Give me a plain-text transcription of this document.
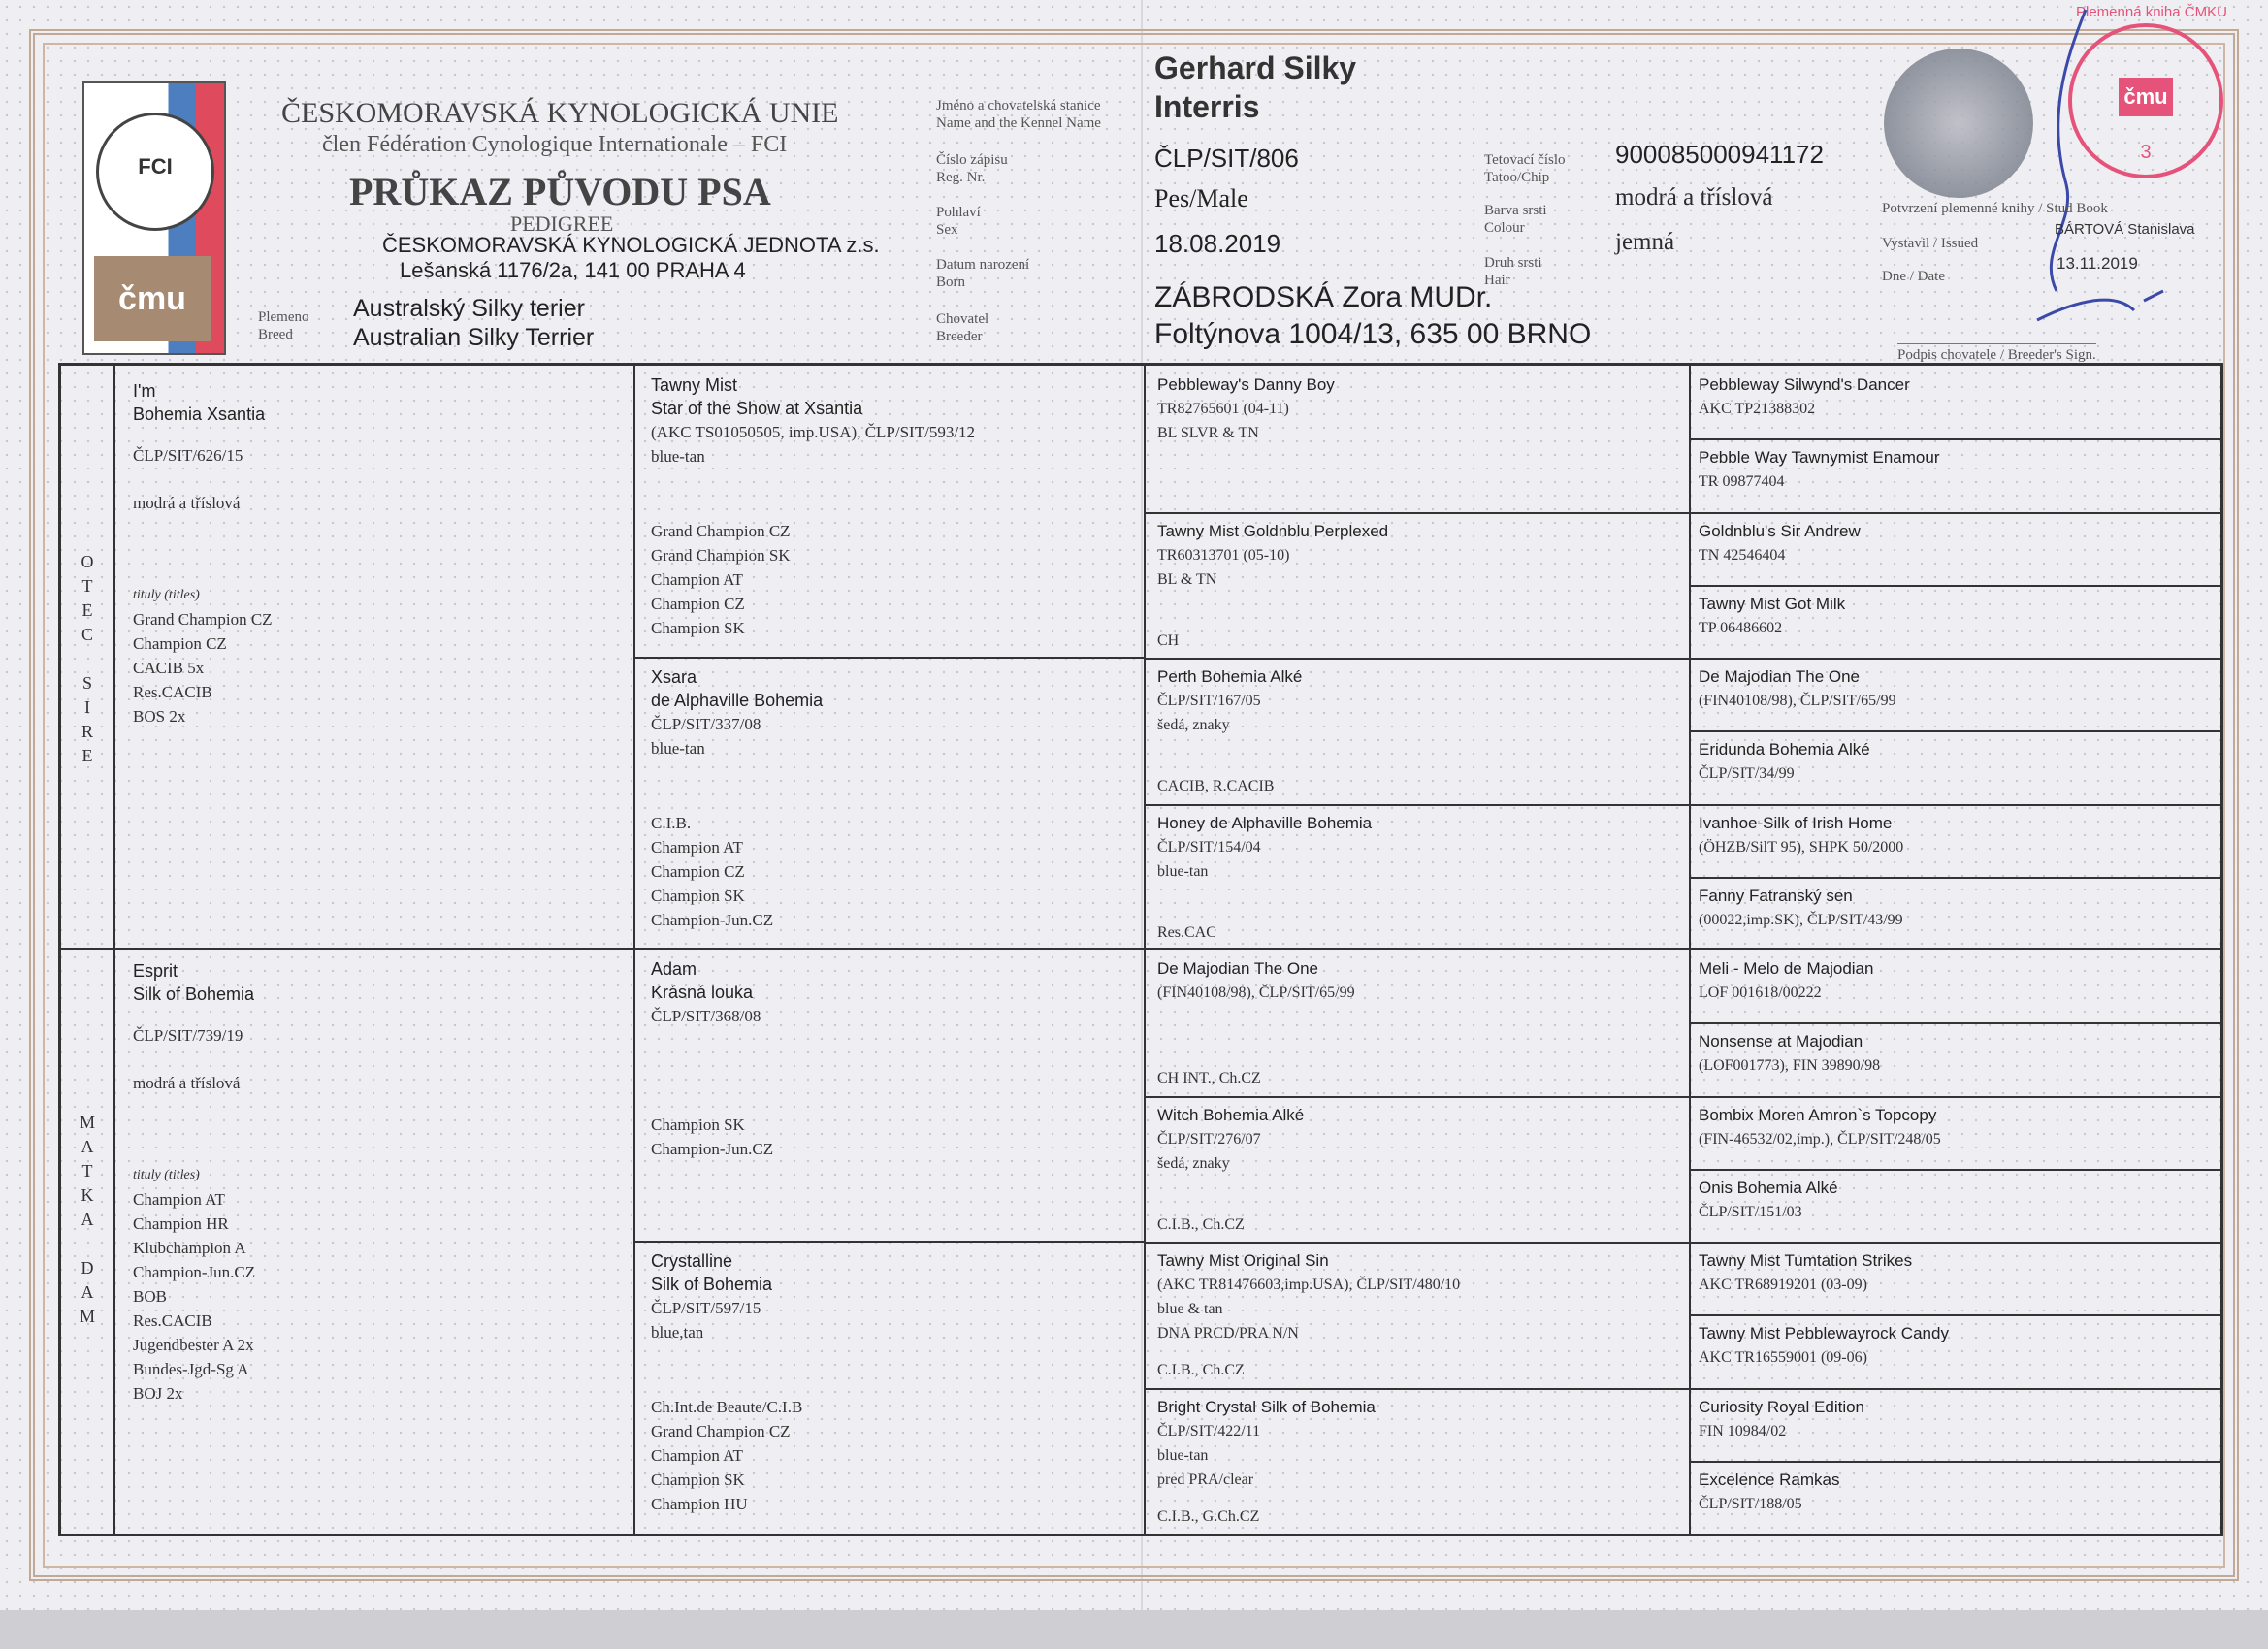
FCI
čmu
ČESKOMORAVSKÁ KYNOLOGICKÁ UNIE
člen Fédération Cynologique Internationale – FCI
PRŮKAZ PŮVODU PSA
PEDIGREE
ČESKOMORAVSKÁ KYNOLOGICKÁ JEDNOTA z.s.
Lešanská 1176/2a, 141 00 PRAHA 4
Plemeno
Breed
Australský Silky terier
Australian Silky Terrier
Jméno a chovatelská stanice
Name and the Kennel Name
Číslo zápisu
Reg. Nr.
Pohlaví
Sex
Datum narození
Born
Chovatel
Breeder
Gerhard Silky
Interris
ČLP/SIT/806
Pes/Male
18.08.2019
ZÁBRODSKÁ Zora MUDr.
Foltýnova 1004/13, 635 00 BRNO
Tetovací číslo
Tatoo/Chip
Barva srsti
Colour
Druh srsti
Hair
900085000941172
modrá a tříslová
jemná
čmu
3
Plemenná kniha ČMKU
Potvrzení plemenné knihy / Stud Book
Vystavil / Issued
Dne / Date
BÁRTOVÁ Stanislava
13.11.2019
Podpis chovatele / Breeder's Sign.
O
T
E
C
S
I
R
E
M
A
T
K
A
D
A
M
I'm
Bohemia Xsantia
ČLP/SIT/626/15
modrá a tříslová
tituly (titles)
Grand Champion CZ
Champion CZ
CACIB 5x
Res.CACIB
BOS 2x
Esprit
Silk of Bohemia
ČLP/SIT/739/19
modrá a tříslová
tituly (titles)
Champion AT
Champion HR
Klubchampion A
Champion-Jun.CZ
BOB
Res.CACIB
Jugendbester A 2x
Bundes-Jgd-Sg A
BOJ 2x
Tawny Mist
Star of the Show at Xsantia
(AKC TS01050505, imp.USA), ČLP/SIT/593/12
blue-tan
Grand Champion CZ
Grand Champion SK
Champion AT
Champion CZ
Champion SK
Xsara
de Alphaville Bohemia
ČLP/SIT/337/08
blue-tan
C.I.B.
Champion AT
Champion CZ
Champion SK
Champion-Jun.CZ
Adam
Krásná louka
ČLP/SIT/368/08
Champion SK
Champion-Jun.CZ
Crystalline
Silk of Bohemia
ČLP/SIT/597/15
blue,tan
Ch.Int.de Beaute/C.I.B
Grand Champion CZ
Champion AT
Champion SK
Champion HU
Pebbleway's Danny Boy
TR82765601 (04-11)
BL SLVR & TN
Tawny Mist Goldnblu Perplexed
TR60313701 (05-10)
BL & TN
CH
Perth Bohemia Alké
ČLP/SIT/167/05
šedá, znaky
CACIB, R.CACIB
Honey de Alphaville Bohemia
ČLP/SIT/154/04
blue-tan
Res.CAC
De Majodian The One
(FIN40108/98), ČLP/SIT/65/99
CH INT., Ch.CZ
Witch Bohemia Alké
ČLP/SIT/276/07
šedá, znaky
C.I.B., Ch.CZ
Tawny Mist Original Sin
(AKC TR81476603,imp.USA), ČLP/SIT/480/10
blue & tan
DNA PRCD/PRA N/N
C.I.B., Ch.CZ
Bright Crystal Silk of Bohemia
ČLP/SIT/422/11
blue-tan
pred PRA/clear
C.I.B., G.Ch.CZ
Pebbleway Silwynd's Dancer
AKC TP21388302
Pebble Way Tawnymist Enamour
TR 09877404
Goldnblu's Sir Andrew
TN 42546404
Tawny Mist Got Milk
TP 06486602
De Majodian The One
(FIN40108/98), ČLP/SIT/65/99
Eridunda Bohemia Alké
ČLP/SIT/34/99
Ivanhoe-Silk of Irish Home
(ÖHZB/SilT 95), SHPK 50/2000
Fanny Fatranský sen
(00022,imp.SK), ČLP/SIT/43/99
Meli - Melo de Majodian
LOF 001618/00222
Nonsense at Majodian
(LOF001773), FIN 39890/98
Bombix Moren Amron`s Topcopy
(FIN-46532/02,imp.), ČLP/SIT/248/05
Onis Bohemia Alké
ČLP/SIT/151/03
Tawny Mist Tumtation Strikes
AKC TR68919201 (03-09)
Tawny Mist Pebblewayrock Candy
AKC TR16559001 (09-06)
Curiosity Royal Edition
FIN 10984/02
Excelence Ramkas
ČLP/SIT/188/05
